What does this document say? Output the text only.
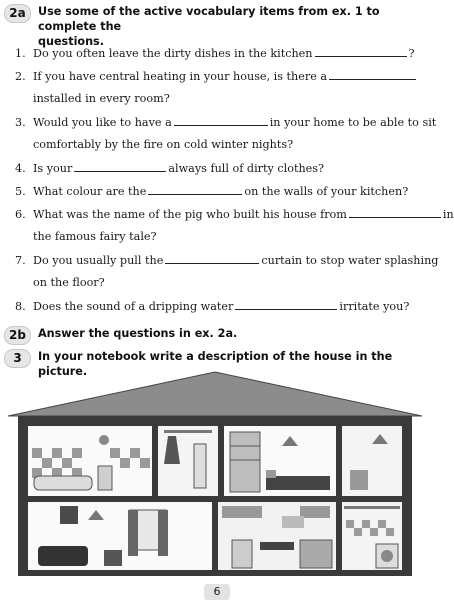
2a	Use some of the active vocabulary items from ex. 1 to complete the
questions.
1. Do you often leave the dirty dishes in the kitchen	?
2. If you have central heating in your house, is there a
installed in every room?
3. Would you like to have a	in your home to be able to sit
comfortably by the fire on cold winter nights?
4. Is your	always full of dirty clothes?
5. What colour are the	on the walls of your kitchen?
6. What was the name of the pig who built his house from	in
the famous fairy tale?
7. Do you usually pull the	curtain to stop water splashing
on the floor?
8. Does the sound of a dripping water	irritate you?
2b	Answer the questions in ex. 2a.
3	In your notebook write a description of the house in the picture.
6
